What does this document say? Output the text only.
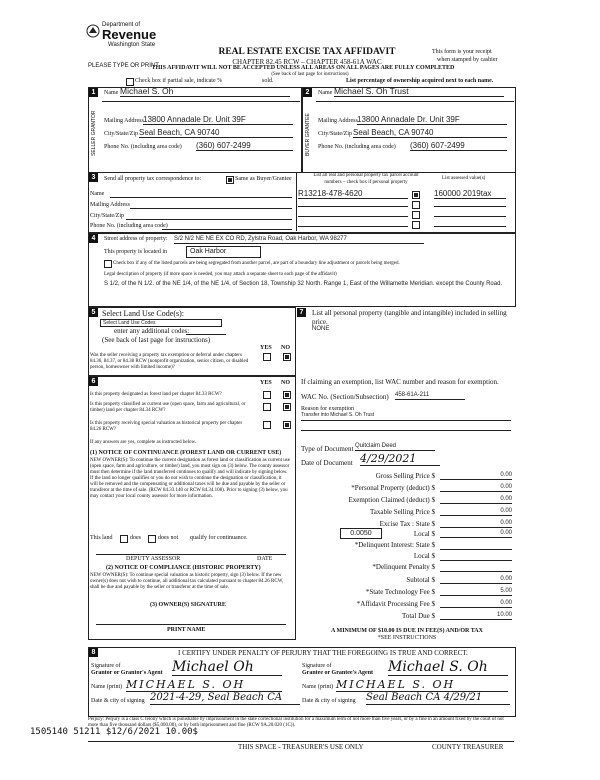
Department of
Revenue
Washington State
PLEASE TYPE OR PRINT
REAL ESTATE EXCISE TAX AFFIDAVIT
CHAPTER 82.45 RCW – CHAPTER 458-61A WAC
THIS AFFIDAVIT WILL NOT BE ACCEPTED UNLESS ALL AREAS ON ALL PAGES ARE FULLY COMPLETED
(See back of last page for instructions)
This form is your receipt
when stamped by cashier
Check box if partial sale, indicate %	sold.	List percentage of ownership acquired next to each name.
1	2
SELLER GRANTOR	BUYER GRANTEE
Name Michael S. Oh
Mailing Address 13800 Annadale Dr. Unit 39F
City/State/Zip Seal Beach, CA 90740
Phone No. (including area code) (360) 607-2499
Name Michael S. Oh Trust
Mailing Address 13800 Annadale Dr. Unit 39F
City/State/Zip Seal Beach, CA 90740
Phone No. (including area code) (360) 607-2499
3	Send all property tax correspondence to:	Same as Buyer/Grantee
Name
Mailing Address
City/State/Zip
Phone No. (including area code)
List all real and personal property tax parcel account
numbers – check box if personal property
List assessed value(s)
R13218-478-4620	160000 2019tax
4	Street address of property: S/2 N/2 NE NE EX CO RD, Zylstra Road, Oak Harbor, WA 98277
This property is located in	Oak Harbor
Check box if any of the listed parcels are being segregated from another parcel, are part of a boundary line adjustment or parcels being merged.
Legal description of property (if more space is needed, you may attach a separate sheet to each page of the affidavit)
S 1/2, of the N 1/2. of the NE 1/4, of the NE 1/4, of Section 18, Township 32 North. Range 1, East of the Willamette Meridian. except the County Road.
5 Select Land Use Code(s):
Select Land Use Codes
enter any additional codes:
(See back of last page for instructions)
YES NO
Was the seller receiving a property tax exemption or deferral under chapters 84.36, 84.37, or 84.38 RCW (nonprofit organization, senior citizen, or disabled person, homeowner with limited income)?
7	List all personal property (tangible and intangible) included in selling
price.
NONE
6	YES NO
Is this property designated as forest land per chapter 84.33 RCW?
Is this property classified as current use (open space, farm and agricultural, or timber) land per chapter 84.34 RCW?
Is this property receiving special valuation as historical property per chapter 84.26 RCW?
If any answers are yes, complete as instructed below.
(1) NOTICE OF CONTINUANCE (FOREST LAND OR CURRENT USE)
NEW OWNER(S): To continue the current designation as forest land or classification as current use (open space, farm and agriculture, or timber) land, you must sign on (3) below. The county assessor must then determine if the land transferred continues to qualify and will indicate by signing below. If the land no longer qualifies or you do not wish to continue the designation or classification, it will be removed and the compensating or additional taxes will be due and payable by the seller or transferor at the time of sale. (RCW 84.33.140 or RCW 84.34.108). Prior to signing (3) below, you may contact your local county assessor for more information.
This land	does	does not qualify for continuance.
DEPUTY ASSESSOR	DATE
(2) NOTICE OF COMPLIANCE (HISTORIC PROPERTY)
NEW OWNER(S): To continue special valuation as historic property, sign (3) below. If the new owner(s) does not wish to continue, all additional tax calculated pursuant to chapter 84.26 RCW, shall be due and payable by the seller or transferor at the time of sale.
(3) OWNER(S) SIGNATURE
PRINT NAME
If claiming an exemption, list WAC number and reason for exemption.
WAC No. (Section/Subsection) 458-61A-211
Reason for exemption
Transfer into Michael S. Oh Trust
Type of Document Quitclaim Deed
Date of Document 4/29/2021
Gross Selling Price $	0.00
*Personal Property (deduct) $	0.00
Exemption Claimed (deduct) $	0.00
Taxable Selling Price $	0.00
Excise Tax : State $	0.00
0.0050	Local $	0.00
*Delinquent Interest: State $
Local $
*Delinquent Penalty $
Subtotal $	0.00
*State Technology Fee $	5.00
*Affidavit Processing Fee $	0.00
Total Due $	10.00
A MINIMUM OF $10.00 IS DUE IN FEE(S) AND/OR TAX
*SEE INSTRUCTIONS
8	I CERTIFY UNDER PENALTY OF PERJURY THAT THE FOREGOING IS TRUE AND CORRECT.
Signature of
Grantor or Grantor's Agent Michael Oh
Name (print) MICHAEL S. OH
Date & city of signing 2021-4-29, Seal Beach CA
Signature of
Grantee or Grantee's Agent Michael S. Oh
Name (print) MICHAEL S. OH
Date & city of signing Seal Beach CA 4/29/21
Perjury: Perjury is a class C felony which is punishable by imprisonment in the state correctional institution for a maximum term of not more than five years, or by a fine in an amount fixed by the court of not more than five thousand dollars ($5,000.00), or by both imprisonment and fine (RCW 9A.20.020 (1C)).
1505140 51211 $12/6/2021 10.00$
THIS SPACE - TREASURER'S USE ONLY	COUNTY TREASURER
